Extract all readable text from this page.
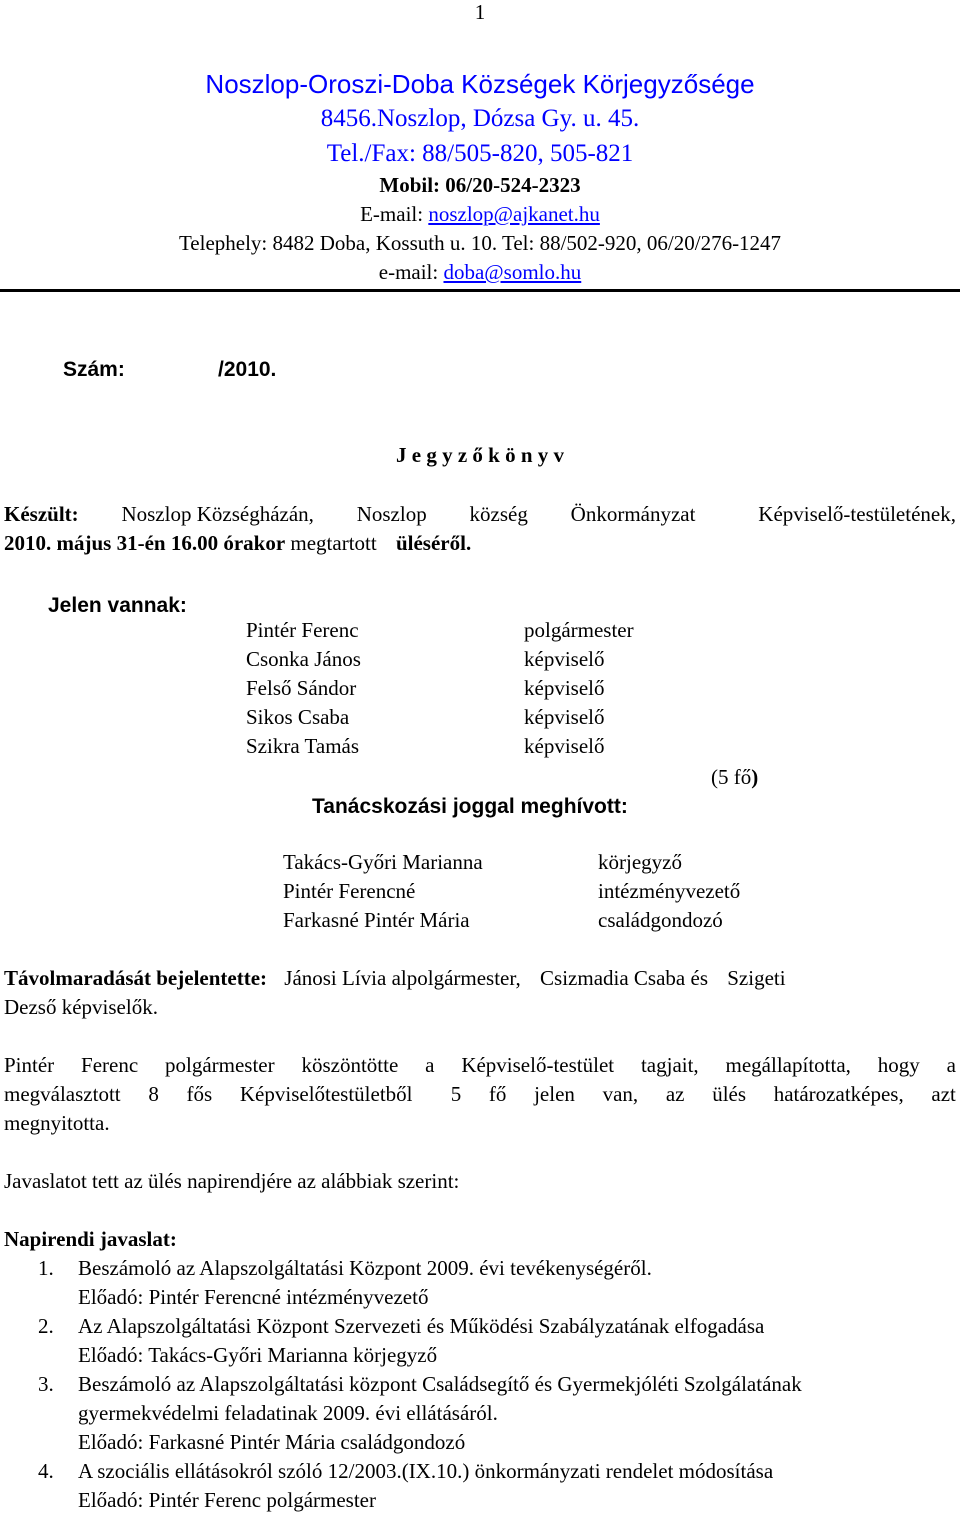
1
Noszlop-Oroszi-Doba Községek Körjegyzősége
8456.Noszlop, Dózsa Gy. u. 45.
Tel./Fax: 88/505-820, 505-821
Mobil: 06/20-524-2323
E-mail: noszlop@ajkanet.hu
Telephely: 8482 Doba, Kossuth u. 10. Tel: 88/502-920, 06/20/276-1247
e-mail: doba@somlo.hu
Szám:	/2010.
J e g y z ő k ö n y v
Készült: Noszlop Községházán, Noszlop község Önkormányzat	Képviselő-testületének,
2010. május 31-én 16.00 órakor megtartott üléséről.
Jelen vannak:
Pintér Ferenc	polgármester
Csonka János	képviselő
Felső Sándor	képviselő
Sikos Csaba	képviselő
Szikra Tamás	képviselő
(5 fő)
Tanácskozási joggal meghívott:
Takács-Győri Marianna	körjegyző
Pintér Ferencné	intézményvezető
Farkasné Pintér Mária	családgondozó
Távolmaradását bejelentette: Jánosi Lívia alpolgármester, Csizmadia Csaba és Szigeti
Dezső képviselők.
Pintér Ferenc polgármester köszöntötte a Képviselő-testület tagjait, megállapította, hogy a
megválasztott 8 fős Képviselőtestületből 5 fő jelen van, az ülés határozatképes, azt
megnyitotta.
Javaslatot tett az ülés napirendjére az alábbiak szerint:
Napirendi javaslat:
1. Beszámoló az Alapszolgáltatási Központ 2009. évi tevékenységéről.
Előadó: Pintér Ferencné intézményvezető
2. Az Alapszolgáltatási Központ Szervezeti és Működési Szabályzatának elfogadása
Előadó: Takács-Győri Marianna körjegyző
3. Beszámoló az Alapszolgáltatási központ Családsegítő és Gyermekjóléti Szolgálatának
gyermekvédelmi feladatinak 2009. évi ellátásáról.
Előadó: Farkasné Pintér Mária családgondozó
4. A szociális ellátásokról szóló 12/2003.(IX.10.) önkormányzati rendelet módosítása
Előadó: Pintér Ferenc polgármester
